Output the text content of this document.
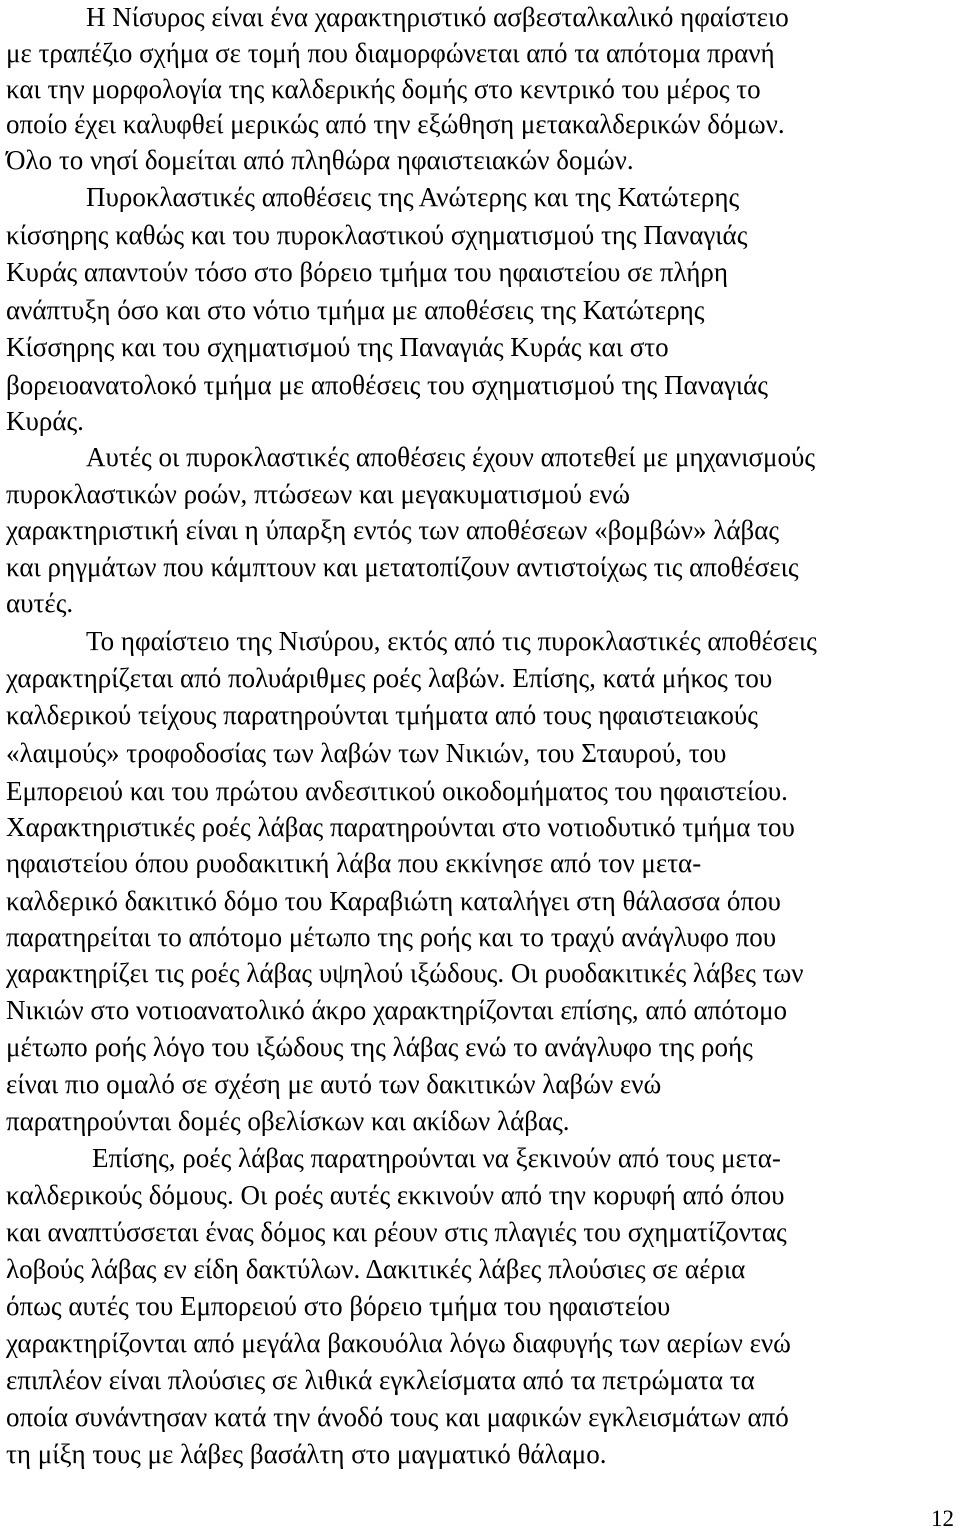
Η Νίσυρος είναι ένα χαρακτηριστικό ασβεσταλκαλικό ηφαίστειο
με τραπέζιο σχήμα σε τομή που διαμορφώνεται από τα απότομα πρανή
και την μορφολογία της καλδερικής δομής στο κεντρικό του μέρος το
οποίο έχει καλυφθεί μερικώς από την εξώθηση μετακαλδερικών δόμων.
Όλο το νησί δομείται από πληθώρα ηφαιστειακών δομών.
Πυροκλαστικές αποθέσεις της Ανώτερης και της Κατώτερης
κίσσηρης καθώς και του πυροκλαστικού σχηματισμού της Παναγιάς
Κυράς απαντούν τόσο στο βόρειο τμήμα του ηφαιστείου σε πλήρη
ανάπτυξη όσο και στο νότιο τμήμα με αποθέσεις της Κατώτερης
Κίσσηρης και του σχηματισμού της Παναγιάς Κυράς και στο
βορειοανατολοκό τμήμα με αποθέσεις του σχηματισμού της Παναγιάς
Κυράς.
Αυτές οι πυροκλαστικές αποθέσεις έχουν αποτεθεί με μηχανισμούς
πυροκλαστικών ροών, πτώσεων και μεγακυματισμού ενώ
χαρακτηριστική είναι η ύπαρξη εντός των αποθέσεων «βομβών» λάβας
και ρηγμάτων που κάμπτουν και μετατοπίζουν αντιστοίχως τις αποθέσεις
αυτές.
Το ηφαίστειο της Νισύρου, εκτός από τις πυροκλαστικές αποθέσεις
χαρακτηρίζεται από πολυάριθμες ροές λαβών. Επίσης, κατά μήκος του
καλδερικού τείχους παρατηρούνται τμήματα από τους ηφαιστειακούς
«λαιμούς» τροφοδοσίας των λαβών των Νικιών, του Σταυρού, του
Εμπορειού και του πρώτου ανδεσιτικού οικοδομήματος του ηφαιστείου.
Χαρακτηριστικές ροές λάβας παρατηρούνται στο νοτιοδυτικό τμήμα του
ηφαιστείου όπου ρυοδακιτική λάβα που εκκίνησε από τον μετα-
καλδερικό δακιτικό δόμο του Καραβιώτη καταλήγει στη θάλασσα όπου
παρατηρείται το απότομο μέτωπο της ροής και το τραχύ ανάγλυφο που
χαρακτηρίζει τις ροές λάβας υψηλού ιξώδους. Οι ρυοδακιτικές λάβες των
Νικιών στο νοτιοανατολικό άκρο χαρακτηρίζονται επίσης, από απότομο
μέτωπο ροής λόγο του ιξώδους της λάβας ενώ το ανάγλυφο της ροής
είναι πιο ομαλό σε σχέση με αυτό των δακιτικών λαβών ενώ
παρατηρούνται δομές οβελίσκων και ακίδων λάβας.
Επίσης, ροές λάβας παρατηρούνται να ξεκινούν από τους μετα-
καλδερικούς δόμους. Οι ροές αυτές εκκινούν από την κορυφή από όπου
και αναπτύσσεται ένας δόμος και ρέουν στις πλαγιές του σχηματίζοντας
λοβούς λάβας εν είδη δακτύλων. Δακιτικές λάβες πλούσιες σε αέρια
όπως αυτές του Εμπορειού στο βόρειο τμήμα του ηφαιστείου
χαρακτηρίζονται από μεγάλα βακουόλια λόγω διαφυγής των αερίων ενώ
επιπλέον είναι πλούσιες σε λιθικά εγκλείσματα από τα πετρώματα τα
οποία συνάντησαν κατά την άνοδό τους και μαφικών εγκλεισμάτων από
τη μίξη τους με λάβες βασάλτη στο μαγματικό θάλαμο.
12
